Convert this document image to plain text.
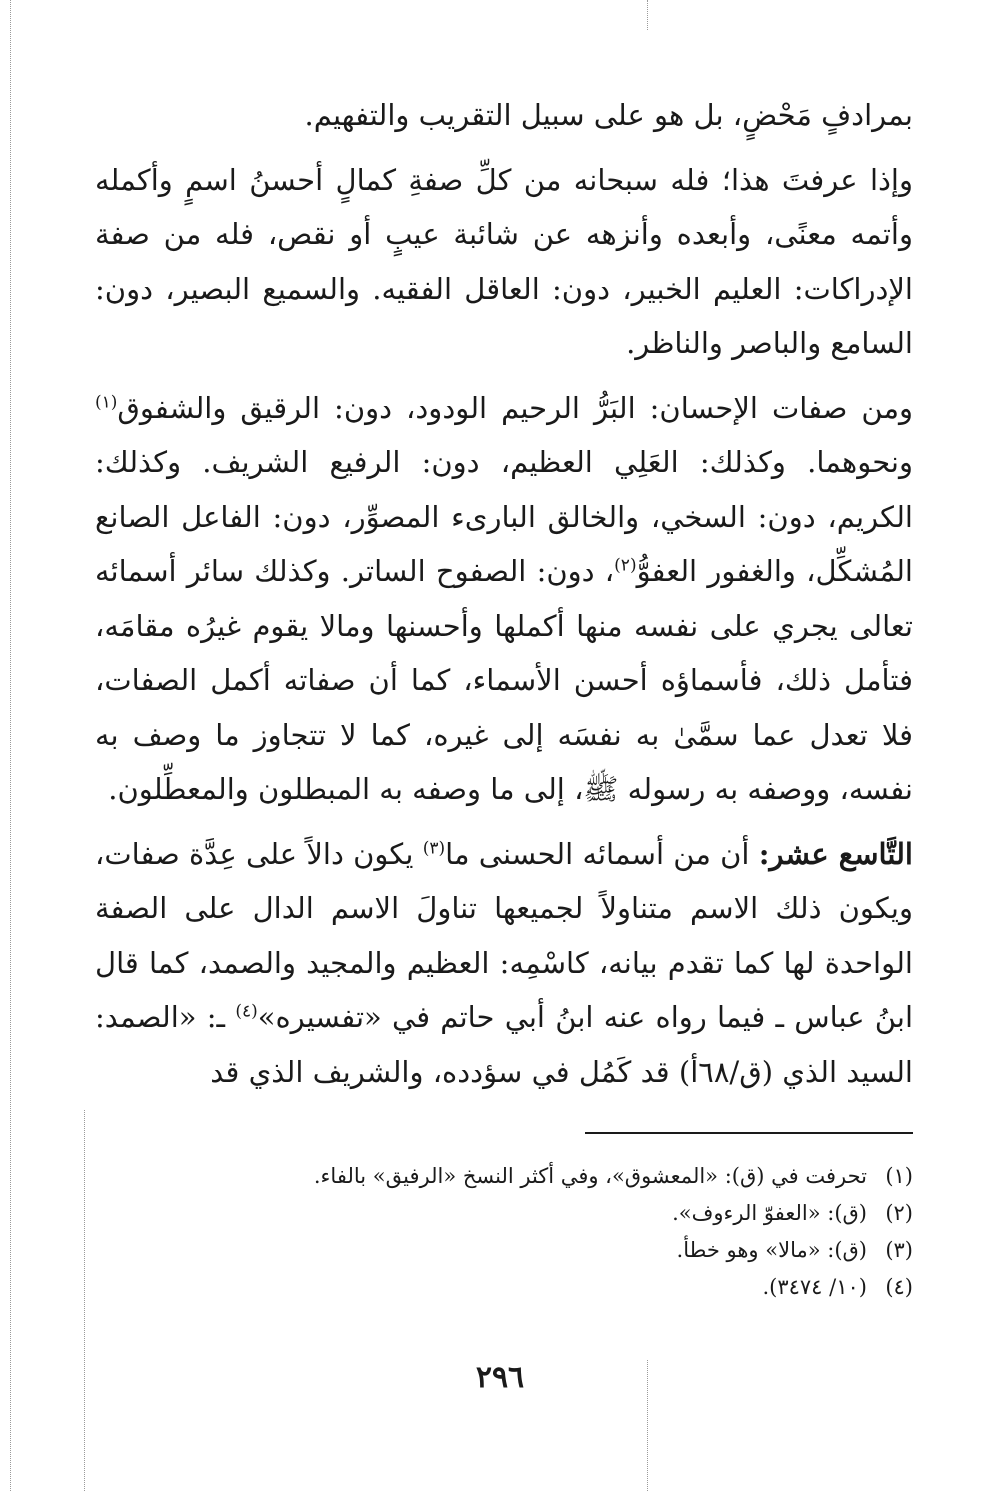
بمرادفٍ مَحْضٍ، بل هو على سبيل التقريب والتفهيم.

وإذا عرفتَ هذا؛ فله سبحانه من كلِّ صفةِ كمالٍ أحسنُ اسمٍ وأكمله وأتمه معنًى، وأبعده وأنزهه عن شائبة عيبٍ أو نقص، فله من صفة الإدراكات: العليم الخبير، دون: العاقل الفقيه. والسميع البصير، دون: السامع والباصر والناظر.

ومن صفات الإحسان: البَرُّ الرحيم الودود، دون: الرقيق والشفوق$^{(١)}$ ونحوهما. وكذلك: العَلِي العظيم، دون: الرفيع الشريف. وكذلك: الكريم، دون: السخي، والخالق البارىء المصوِّر، دون: الفاعل الصانع المُشكِّل، والغفور العفوُّ$^{(٢)}$، دون: الصفوح الساتر. وكذلك سائر أسمائه تعالى يجري على نفسه منها أكملها وأحسنها ومالا يقوم غيرُه مقامَه، فتأمل ذلك، فأسماؤه أحسن الأسماء، كما أن صفاته أكمل الصفات، فلا تعدل عما سمَّىٰ به نفسَه إلى غيره، كما لا تتجاوز ما وصف به نفسه، ووصفه به رسوله ﷺ، إلى ما وصفه به المبطلون والمعطِّلون.

التَّاسع عشر: أن من أسمائه الحسنى ما$^{(٣)}$ يكون دالاً على عِدَّة صفات، ويكون ذلك الاسم متناولاً لجميعها تناولَ الاسم الدال على الصفة الواحدة لها كما تقدم بيانه، كاسْمِه: العظيم والمجيد والصمد، كما قال ابنُ عباس ـ فيما رواه عنه ابنُ أبي حاتم في «تفسيره»$^{(٤)}$ ـ: «الصمد: السيد الذي (ق/٦٨أ) قد كَمُل في سؤدده، والشريف الذي قد

(١)تحرفت في (ق): «المعشوق»، وفي أكثر النسخ «الرفيق» بالفاء.

(٢)(ق): «العفوّ الرءوف».

(٣)(ق): «مالا» وهو خطأ.

(٤)(١٠/ ٣٤٧٤).

٢٩٦
